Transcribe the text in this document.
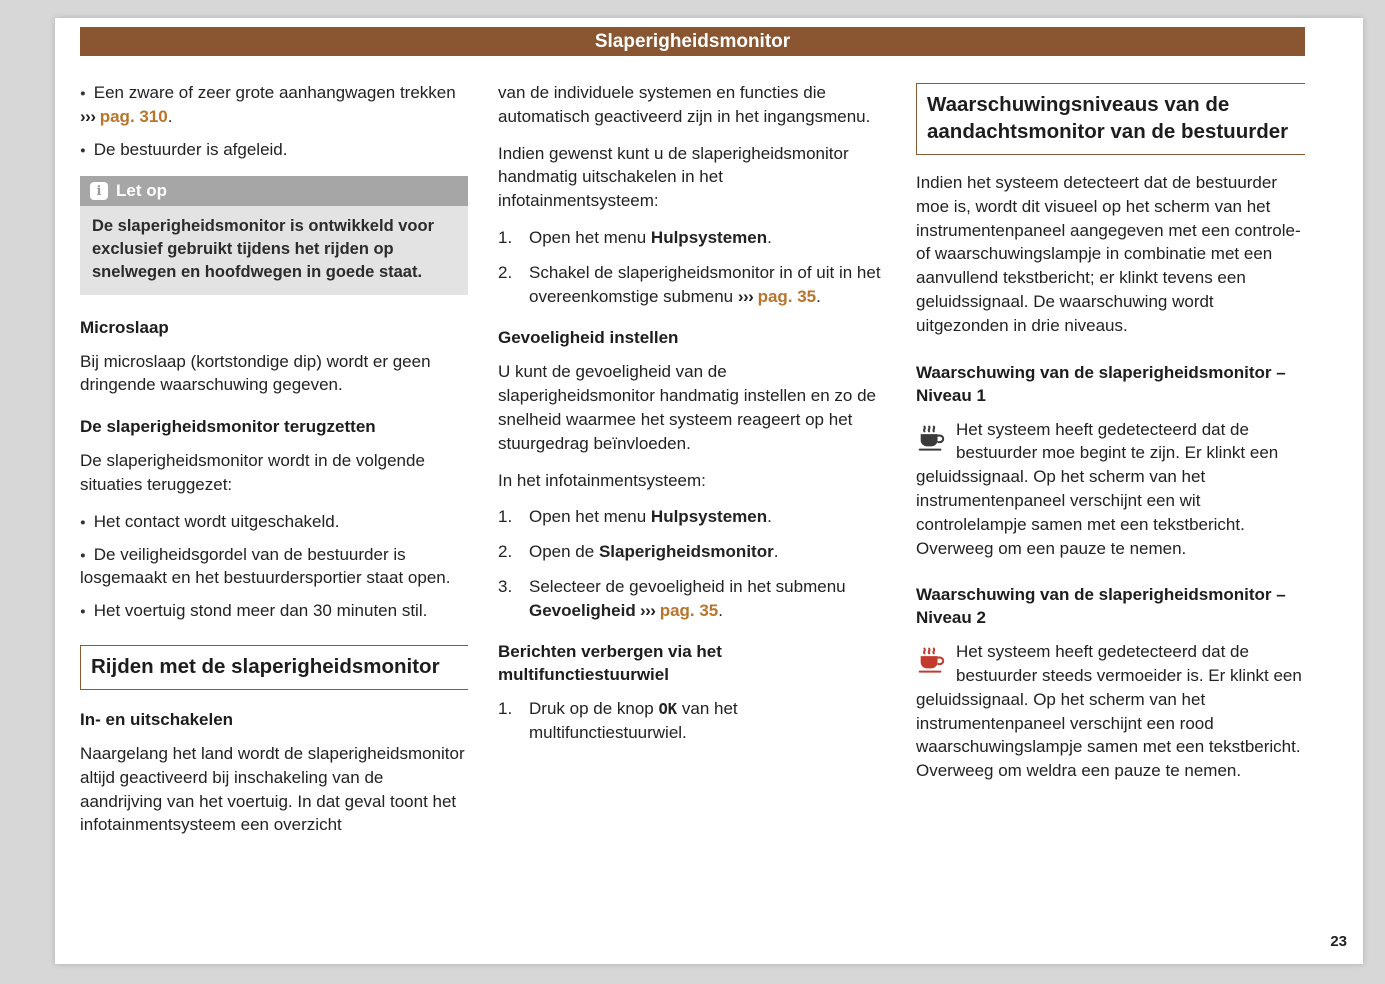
Slaperigheidsmonitor

● Een zware of zeer grote aanhangwagen trekken ››› pag. 310.

● De bestuurder is afgeleid.

i Let op
De slaperigheidsmonitor is ontwikkeld voor exclusief gebruikt tijdens het rijden op snelwegen en hoofdwegen in goede staat.
Microslaap

Bij microslaap (kortstondige dip) wordt er geen dringende waarschuwing gegeven.

De slaperigheidsmonitor terugzetten

De slaperigheidsmonitor wordt in de volgende situaties teruggezet:

● Het contact wordt uitgeschakeld.

● De veiligheidsgordel van de bestuurder is losgemaakt en het bestuurdersportier staat open.

● Het voertuig stond meer dan 30 minuten stil.

Rijden met de slaperigheidsmonitor
In- en uitschakelen

Naargelang het land wordt de slaperigheidsmonitor altijd geactiveerd bij inschakeling van de aandrijving van het voertuig. In dat geval toont het infotainmentsysteem een overzicht

van de individuele systemen en functies die automatisch geactiveerd zijn in het ingangsmenu.

Indien gewenst kunt u de slaperigheidsmonitor handmatig uitschakelen in het infotainmentsysteem:

1. Open het menu Hulpsystemen.
2. Schakel de slaperigheidsmonitor in of uit in het overeenkomstige submenu ››› pag. 35.
Gevoeligheid instellen

U kunt de gevoeligheid van de slaperigheidsmonitor handmatig instellen en zo de snelheid waarmee het systeem reageert op het stuurgedrag beïnvloeden.

In het infotainmentsysteem:

1. Open het menu Hulpsystemen.
2. Open de Slaperigheidsmonitor.
3. Selecteer de gevoeligheid in het submenu Gevoeligheid ››› pag. 35.
Berichten verbergen via het multifunctiestuurwiel
1. Druk op de knop OK van het multifunctiestuurwiel.
Waarschuwingsniveaus van de aandachtsmonitor van de bestuurder

Indien het systeem detecteert dat de bestuurder moe is, wordt dit visueel op het scherm van het instrumentenpaneel aangegeven met een controle- of waarschuwingslampje in combinatie met een aanvullend tekstbericht; er klinkt tevens een geluidssignaal. De waarschuwing wordt uitgezonden in drie niveaus.

Waarschuwing van de slaperigheidsmonitor – Niveau 1
Het systeem heeft gedetecteerd dat de bestuurder moe begint te zijn. Er klinkt een geluidssignaal. Op het scherm van het instrumentenpaneel verschijnt een wit controlelampje samen met een tekstbericht. Overweeg om een pauze te nemen.
Waarschuwing van de slaperigheidsmonitor – Niveau 2
Het systeem heeft gedetecteerd dat de bestuurder steeds vermoeider is. Er klinkt een geluidssignaal. Op het scherm van het instrumentenpaneel verschijnt een rood waarschuwingslampje samen met een tekstbericht. Overweeg om weldra een pauze te nemen.
23
